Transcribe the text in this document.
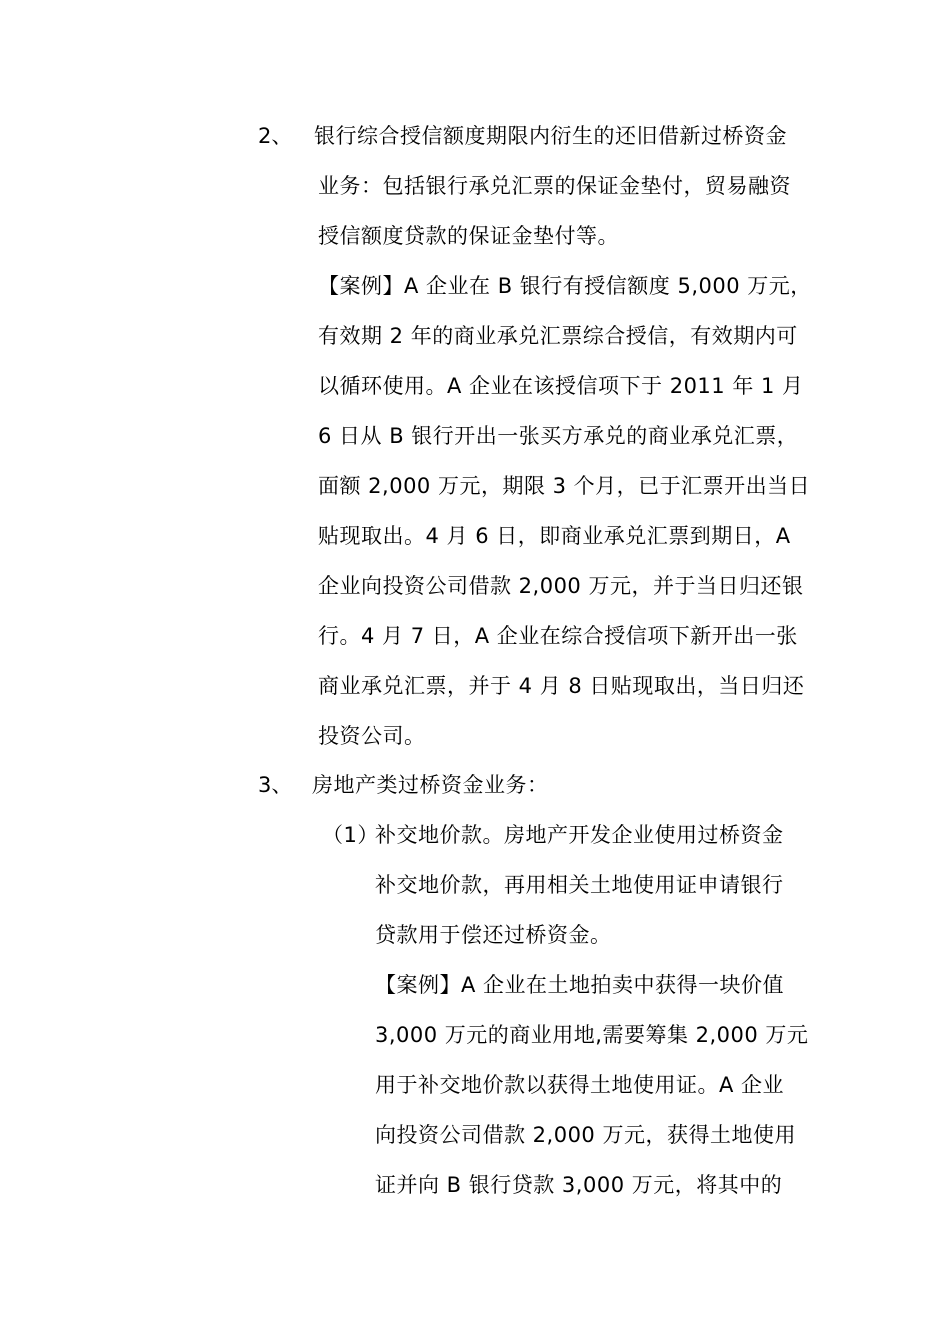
2、 银行综合授信额度期限内衍生的还旧借新过桥资金
业务：包括银行承兑汇票的保证金垫付，贸易融资
授信额度贷款的保证金垫付等。
【案例】A 企业在 B 银行有授信额度 5,000 万元，
有效期 2 年的商业承兑汇票综合授信，有效期内可
以循环使用。A 企业在该授信项下于 2011 年 1 月
6 日从 B 银行开出一张买方承兑的商业承兑汇票，
面额 2,000 万元，期限 3 个月，已于汇票开出当日
贴现取出。4 月 6 日，即商业承兑汇票到期日，A
企业向投资公司借款 2,000 万元，并于当日归还银
行。4 月 7 日，A 企业在综合授信项下新开出一张
商业承兑汇票，并于 4 月 8 日贴现取出，当日归还
投资公司。
3、 房地产类过桥资金业务：
（1）
补交地价款。房地产开发企业使用过桥资金
补交地价款，再用相关土地使用证申请银行
贷款用于偿还过桥资金。
【案例】A 企业在土地拍卖中获得一块价值
3,000 万元的商业用地,需要筹集 2,000 万元
用于补交地价款以获得土地使用证。A 企业
向投资公司借款 2,000 万元，获得土地使用
证并向 B 银行贷款 3,000 万元，将其中的
